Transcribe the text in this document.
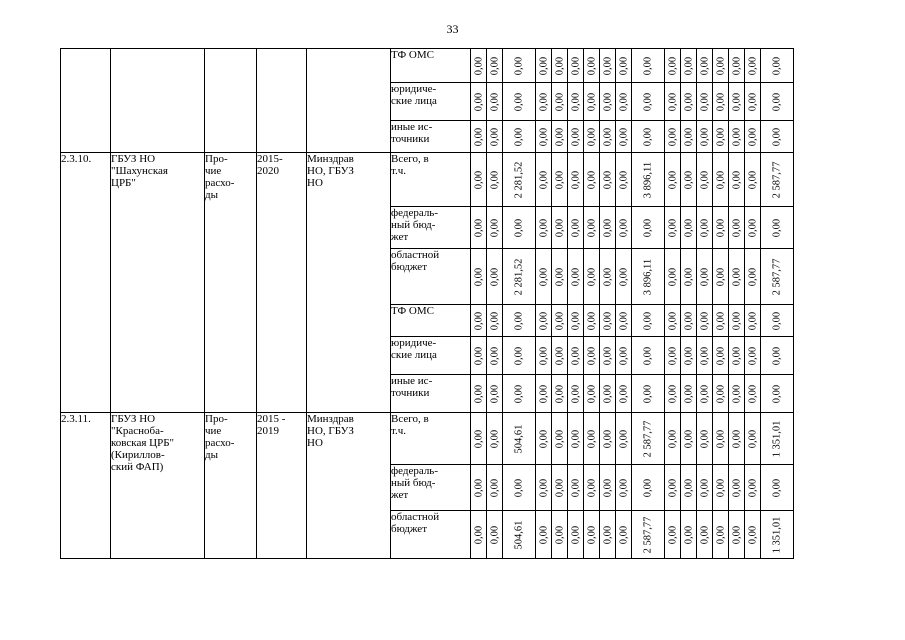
33

					ТФ ОМС	0,00	0,00	0,00	0,00	0,00	0,00	0,00	0,00	0,00	0,00	0,00	0,00	0,00	0,00	0,00	0,00	0,00

					юридиче-
ские лица	0,00	0,00	0,00	0,00	0,00	0,00	0,00	0,00	0,00	0,00	0,00	0,00	0,00	0,00	0,00	0,00	0,00

					иные ис-
точники	0,00	0,00	0,00	0,00	0,00	0,00	0,00	0,00	0,00	0,00	0,00	0,00	0,00	0,00	0,00	0,00	0,00

2.3.10.	ГБУЗ НО
"Шахунская
ЦРБ"	Про-
чие
расхо-
ды	2015-
2020	Минздрав
НО, ГБУЗ
НО	Всего, в
т.ч.	0,00	0,00	2 281,52	0,00	0,00	0,00	0,00	0,00	0,00	3 896,11	0,00	0,00	0,00	0,00	0,00	0,00	2 587,77

					федераль-
ный бюд-
жет	0,00	0,00	0,00	0,00	0,00	0,00	0,00	0,00	0,00	0,00	0,00	0,00	0,00	0,00	0,00	0,00	0,00

					областной
бюджет	0,00	0,00	2 281,52	0,00	0,00	0,00	0,00	0,00	0,00	3 896,11	0,00	0,00	0,00	0,00	0,00	0,00	2 587,77

					ТФ ОМС	0,00	0,00	0,00	0,00	0,00	0,00	0,00	0,00	0,00	0,00	0,00	0,00	0,00	0,00	0,00	0,00	0,00

					юридиче-
ские лица	0,00	0,00	0,00	0,00	0,00	0,00	0,00	0,00	0,00	0,00	0,00	0,00	0,00	0,00	0,00	0,00	0,00

					иные ис-
точники	0,00	0,00	0,00	0,00	0,00	0,00	0,00	0,00	0,00	0,00	0,00	0,00	0,00	0,00	0,00	0,00	0,00

2.3.11.	ГБУЗ НО
"Красноба-
ковская ЦРБ"
(Кириллов-
ский ФАП)	Про-
чие
расхо-
ды	2015 -
2019	Минздрав
НО, ГБУЗ
НО	Всего, в
т.ч.	0,00	0,00	504,61	0,00	0,00	0,00	0,00	0,00	0,00	2 587,77	0,00	0,00	0,00	0,00	0,00	0,00	1 351,01

					федераль-
ный бюд-
жет	0,00	0,00	0,00	0,00	0,00	0,00	0,00	0,00	0,00	0,00	0,00	0,00	0,00	0,00	0,00	0,00	0,00

					областной
бюджет	0,00	0,00	504,61	0,00	0,00	0,00	0,00	0,00	0,00	2 587,77	0,00	0,00	0,00	0,00	0,00	0,00	1 351,01
